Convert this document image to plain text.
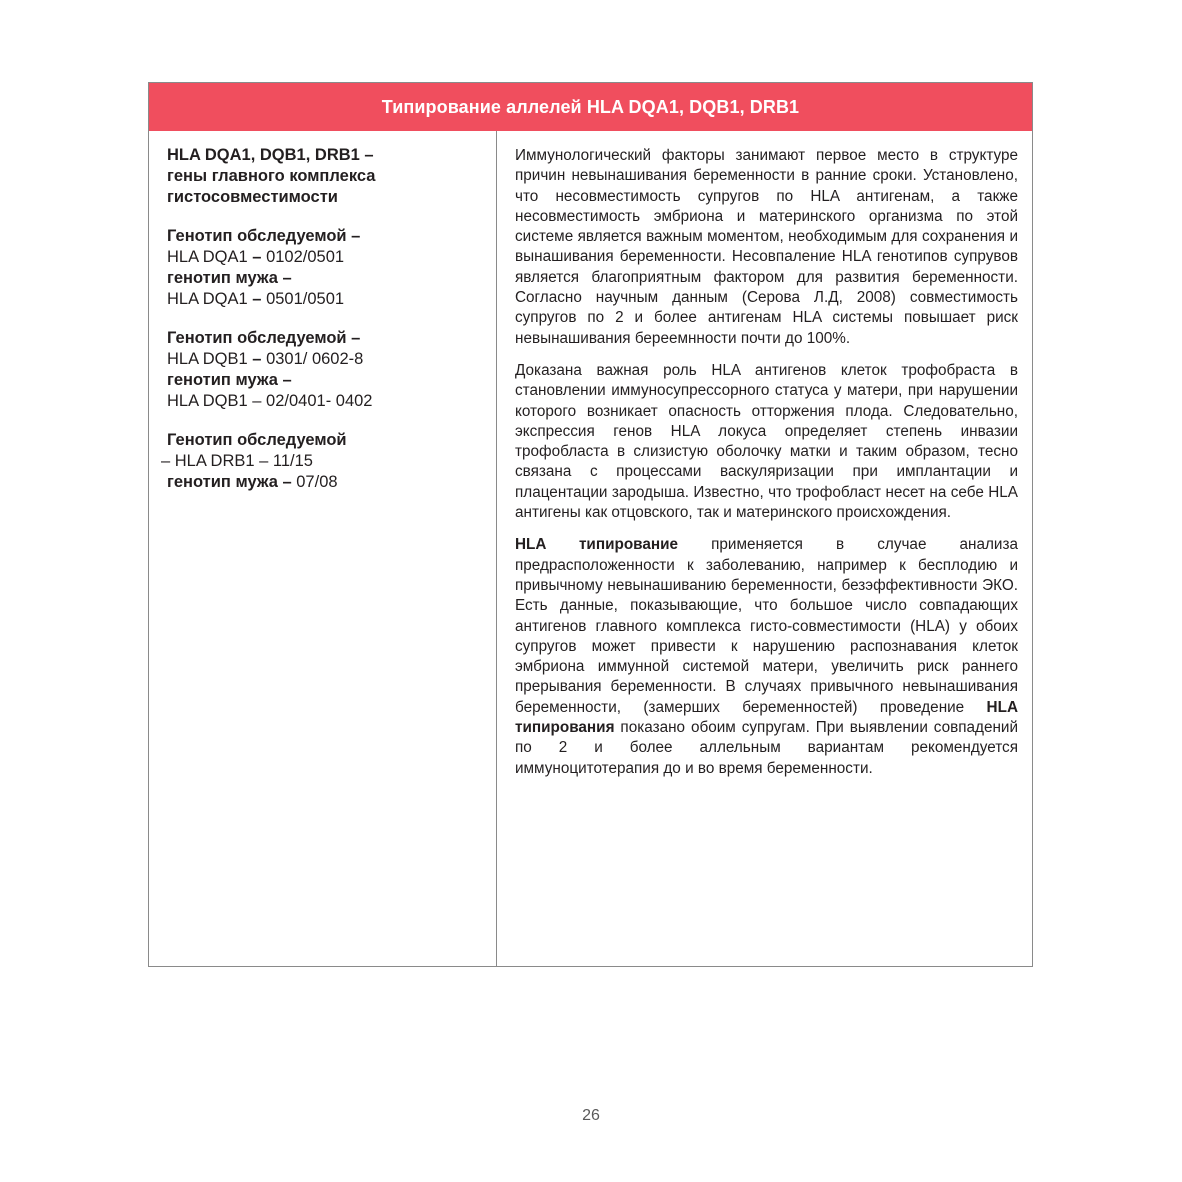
Типирование аллелей HLA DQA1, DQB1, DRB1

HLA DQA1, DQB1, DRB1 –
гены главного комплекса
гистосовместимости

Генотип обследуемой –
HLA DQA1 – 0102/0501
генотип мужа –
HLA DQA1 – 0501/0501

Генотип обследуемой –
HLA DQB1 – 0301/ 0602-8
генотип мужа –
HLA DQB1 – 02/0401- 0402

Генотип обследуемой
– HLA DRB1 – 11/15
генотип мужа – 07/08

Иммунологический факторы занимают первое место в структуре причин невынашивания беременности в ранние сроки. Установлено, что несовместимость супругов по HLA антигенам, а также несовместимость эмбриона и материнского организма по этой системе является важным моментом, необходимым для сохранения и вынашивания беременности. Несовпаление HLA генотипов супрувов является благоприятным фактором для развития беременности. Согласно научным данным (Серова Л.Д, 2008) совместимость супругов по 2 и более антигенам HLA системы повышает риск невынашивания береемнности почти до 100%.

Доказана важная роль HLA антигенов клеток трофобраста в становлении иммуносупрессорного статуса у матери, при нарушении которого возникает опасность отторжения плода. Следовательно, экспрессия генов HLA локуса определяет степень инвазии трофобласта в слизистую оболочку матки и таким образом, тесно связана с процессами васкуляризации при имплантации и плацентации зародыша. Известно, что трофобласт несет на себе HLA антигены как отцовского, так и материнского происхождения.

HLA типирование применяется в случае анализа предрасположенности к заболеванию, например к бесплодию и привычному невынашиванию беременности, безэффективности ЭКО. Есть данные, показывающие, что большое число совпадающих антигенов главного комплекса гисто-совместимости (HLA) у обоих супругов может привести к нарушению распознавания клеток эмбриона иммунной системой матери, увеличить риск раннего прерывания беременности. В случаях привычного невынашивания беременности, (замерших беременностей) проведение HLA типирования показано обоим супругам. При выявлении совпадений по 2 и более аллельным вариантам рекомендуется иммуноцитотерапия до и во время беременности.

26
